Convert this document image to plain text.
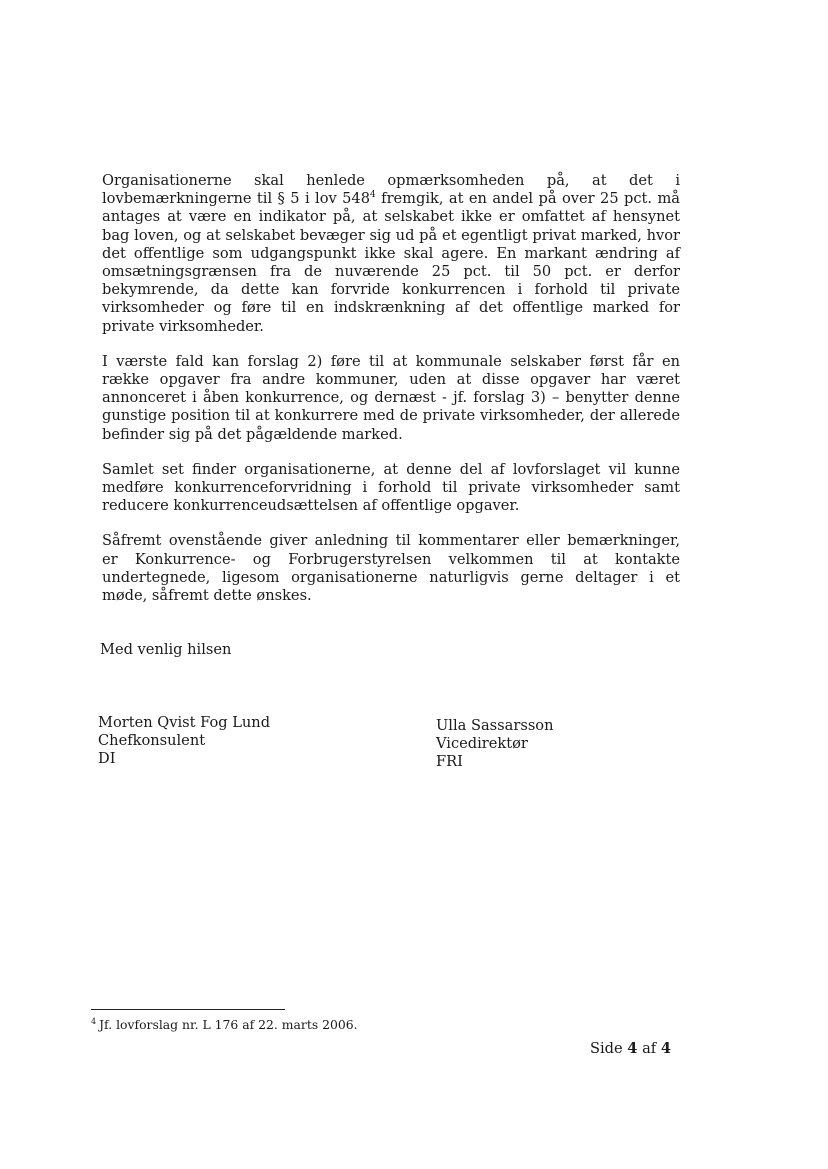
Organisationerne skal henlede opmærksomheden på, at det i lovbemærkningerne til § 5 i lov 548$^4$ fremgik, at en andel på over 25 pct. må antages at være en indikator på, at selskabet ikke er omfattet af hensynet bag loven, og at selskabet bevæger sig ud på et egentligt privat marked, hvor det offentlige som udgangspunkt ikke skal agere. En markant ændring af omsætningsgrænsen fra de nuværende 25 pct. til 50 pct. er derfor bekymrende, da dette kan forvride konkurrencen i forhold til private virksomheder og føre til en indskrænkning af det offentlige marked for private virksomheder.

I værste fald kan forslag 2) føre til at kommunale selskaber først får en række opgaver fra andre kommuner, uden at disse opgaver har været annonceret i åben konkurrence, og dernæst - jf. forslag 3) – benytter denne gunstige position til at konkurrere med de private virksomheder, der allerede befinder sig på det pågældende marked.

Samlet set finder organisationerne, at denne del af lovforslaget vil kunne medføre konkurrenceforvridning i forhold til private virksomheder samt reducere konkurrenceudsættelsen af offentlige opgaver.

Såfremt ovenstående giver anledning til kommentarer eller bemærkninger, er Konkurrence- og Forbrugerstyrelsen velkommen til at kontakte undertegnede, ligesom organisationerne naturligvis gerne deltager i et møde, såfremt dette ønskes.

Med venlig hilsen
Morten Qvist Fog Lund
Chefkonsulent
DI
Ulla Sassarsson
Vicedirektør
FRI
$^4$ Jf. lovforslag nr. L 176 af 22. marts 2006.
Side 4 af 4
